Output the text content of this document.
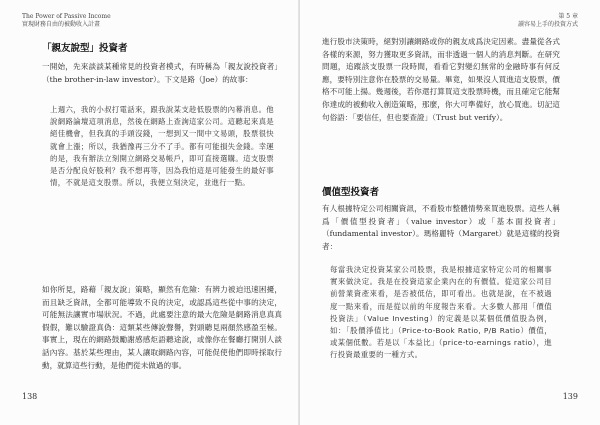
The Power of Passive Income
實現財務自由的被動收入計畫
「親友說型」投資者

一開始，先來談談某種常見的投資者模式，有時稱為「親友說投資者」（the brother-in-law investor）。下文是路（Joe）的故事：

上週六，我的小叔打電話來，跟我說某支趁低股票的內幕消息。他說網路論壇這項消息，然後在網路上查詢這家公司。這聽起來真是絕佳機會，但我真的手頭沒錢，一想到又一間中文易頭，股票很快就會上漲；所以，我猶豫再三分不了手。都有可能損失金錢。幸運的是，我有辦法立刻開立網路交易帳戶，即可直接選購。這支股票是否分配良好股利？我不想再等，因為我怕這是可能發生的最好事情，不就是這支股票。所以，我便立刻決定，並進行一點。

如你所見，路藉「親友說」策略，顯然有危險：有辨力被迫迅速困擾，而且缺乏資訊，全都可能導致不良的決定，或認爲這些從中事的決定，可能無法讓實市場狀況。不過，此處要注意的最大危險是網路消息真真假假，難以驗證真偽：這類某些傳說聲譽，對頭聽見兩顏然感盈至極。事實上，現在的網路鼓勵謝感感炬語聽途說，或像你在餐廳打開別人談話內容。基於某些理由，某人讓取網路內容，可能促使他們即時採取行動，就算這些行動，是他們從未做過的事。

138
第 5 章
讀容易上手的投資方式

進行股市決策時，絕對別讓網路或你的親友成爲決定因素。盡量從各式各樣的來源，努力獲取更多資訊，而非透過一個人的消息判斷。在研究問題，追蹤該支股票一段時間，看看它對變幻無常的金融時事有何反應，要特別注意你在股票的交易量。畢竟，如果沒人買進這支股票，價格不可能上揚。幾週後，若你還打算買這支股票時機，而且確定它能幫你達成的被動收入創造策略，那麼，你大可準備好，放心買進。切記這句俗語：「要信任，但也要查證」（Trust but verify）。

價值型投資者

有人根據特定公司相關資訊，不看股市整體情勢來買進股票。這些人稱爲「價值型投資者」（value investor）或「基本面投資者」（fundamental investor）。瑪格麗特（Margaret）就是這樣的投資者：

每當我決定投資某家公司股票，我是根據這家特定公司的相關事實來做決定。我是在投資這家企業內在的有價值。從這家公司目前營業資產來看，是否被低估，即可看出。也就是說，在不被過度一點來看，而是從以前的年度報告來看。大多數人都用「價值投資法」（Value Investing）的定義是以某個低價值股為例，如：「股價淨值比」（Price-to-Book Ratio, P/B Ratio）價值，或某個低數。若是以「本益比」（price-to-earnings ratio），進行投資最重要的一種方式。

139
